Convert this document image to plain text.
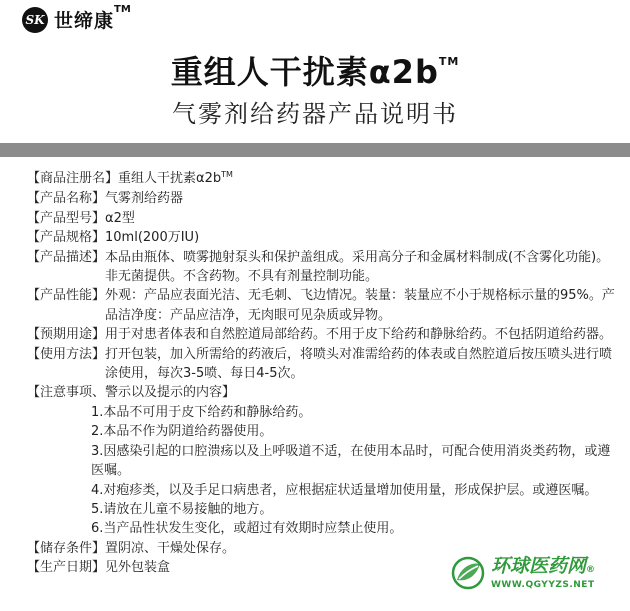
SK 世缔康
TM
重组人干扰素α2b™
气雾剂给药器产品说明书
【商品注册名】 重组人干扰素α2b™
【产品名称】 气雾剂给药器
【产品型号】 α2型
【产品规格】 10ml(200万IU)
【产品描述】 本品由瓶体、喷雾抛射泵头和保护盖组成。采用高分子和金属材料制成(不含雾化功能)。非无菌提供。不含药物。不具有剂量控制功能。
【产品性能】 外观：产品应表面光洁、无毛刺、飞边情况。装量：装量应不小于规格标示量的95%。产品洁净度：产品应洁净，无肉眼可见杂质或异物。
【预期用途】 用于对患者体表和自然腔道局部给药。不用于皮下给药和静脉给药。不包括阴道给药器。
【使用方法】 打开包装，加入所需给的药液后，将喷头对准需给药的体表或自然腔道后按压喷头进行喷涂使用，每次3-5喷、每日4-5次。
【注意事项、警示以及提示的内容】
1.本品不可用于皮下给药和静脉给药。
2.本品不作为阴道给药器使用。
3.因感染引起的口腔溃疡以及上呼吸道不适，在使用本品时，可配合使用消炎类药物，或遵医嘱。
4.对疱疹类，以及手足口病患者，应根据症状适量增加使用量，形成保护层。或遵医嘱。
5.请放在儿童不易接触的地方。
6.当产品性状发生变化，或超过有效期时应禁止使用。
【储存条件】 置阴凉、干燥处保存。
【生产日期】 见外包装盒	环球医药网®
WWW.QGYYZS.NET
